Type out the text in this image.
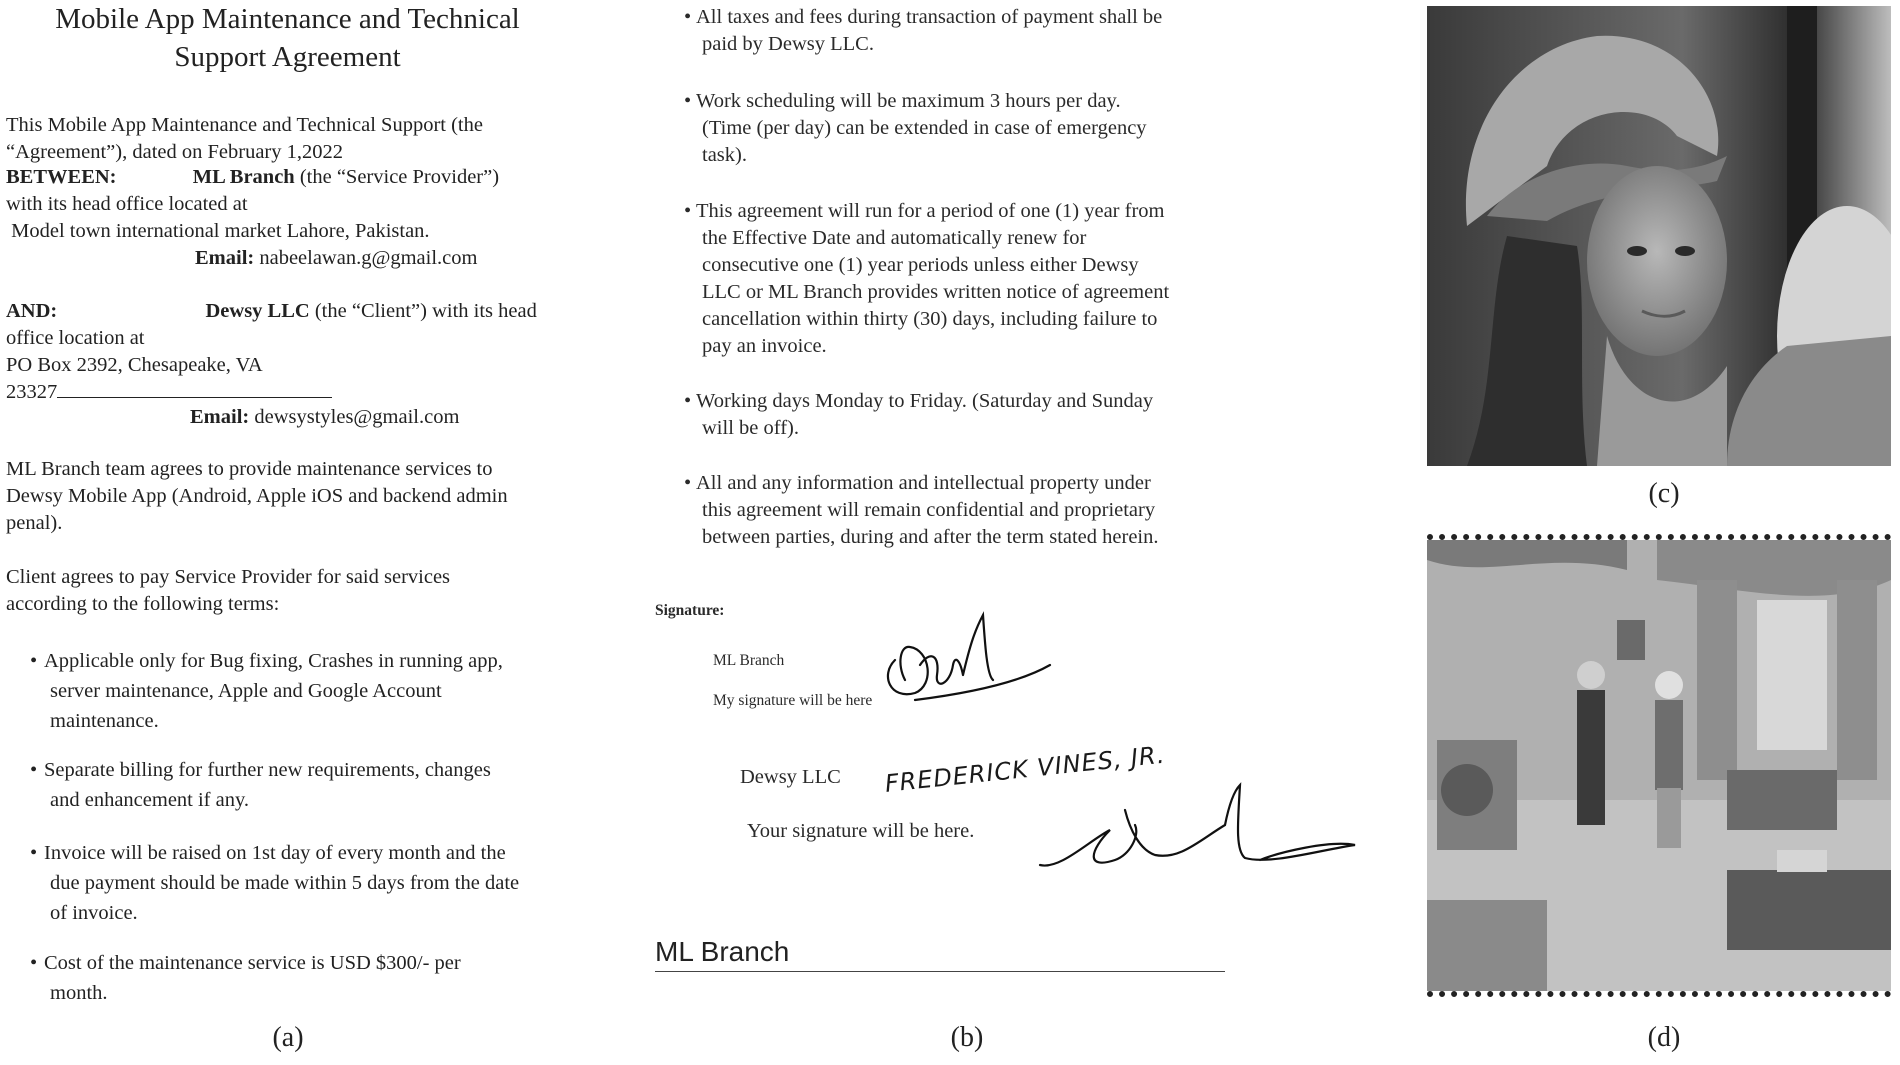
Mobile App Maintenance and Technical
Support Agreement
This Mobile App Maintenance and Technical Support (the
“Agreement”), dated on February 1,2022
BETWEEN:	ML Branch (the “Service Provider”)
with its head office located at
Model town international market Lahore, Pakistan.
Email: nabeelawan.g@gmail.com
AND:	Dewsy LLC (the “Client”) with its head
office location at
PO Box 2392, Chesapeake, VA
23327
Email: dewsystyles@gmail.com
ML Branch team agrees to provide maintenance services to
Dewsy Mobile App (Android, Apple iOS and backend admin
penal).
Client agrees to pay Service Provider for said services
according to the following terms:
• Applicable only for Bug fixing, Crashes in running app,
server maintenance, Apple and Google Account
maintenance.
• Separate billing for further new requirements, changes
and enhancement if any.
• Invoice will be raised on 1st day of every month and the
due payment should be made within 5 days from the date
of invoice.
• Cost of the maintenance service is USD $300/- per
month.
(a)
• All taxes and fees during transaction of payment shall be
paid by Dewsy LLC.
• Work scheduling will be maximum 3 hours per day.
(Time (per day) can be extended in case of emergency
task).
• This agreement will run for a period of one (1) year from
the Effective Date and automatically renew for
consecutive one (1) year periods unless either Dewsy
LLC or ML Branch provides written notice of agreement
cancellation within thirty (30) days, including failure to
pay an invoice.
• Working days Monday to Friday. (Saturday and Sunday
will be off).
• All and any information and intellectual property under
this agreement will remain confidential and proprietary
between parties, during and after the term stated herein.
Signature:
ML Branch
My signature will be here
Dewsy LLC
Your signature will be here.
FREDERICK VINES, JR.
ML Branch
(b)
(c)
(d)
